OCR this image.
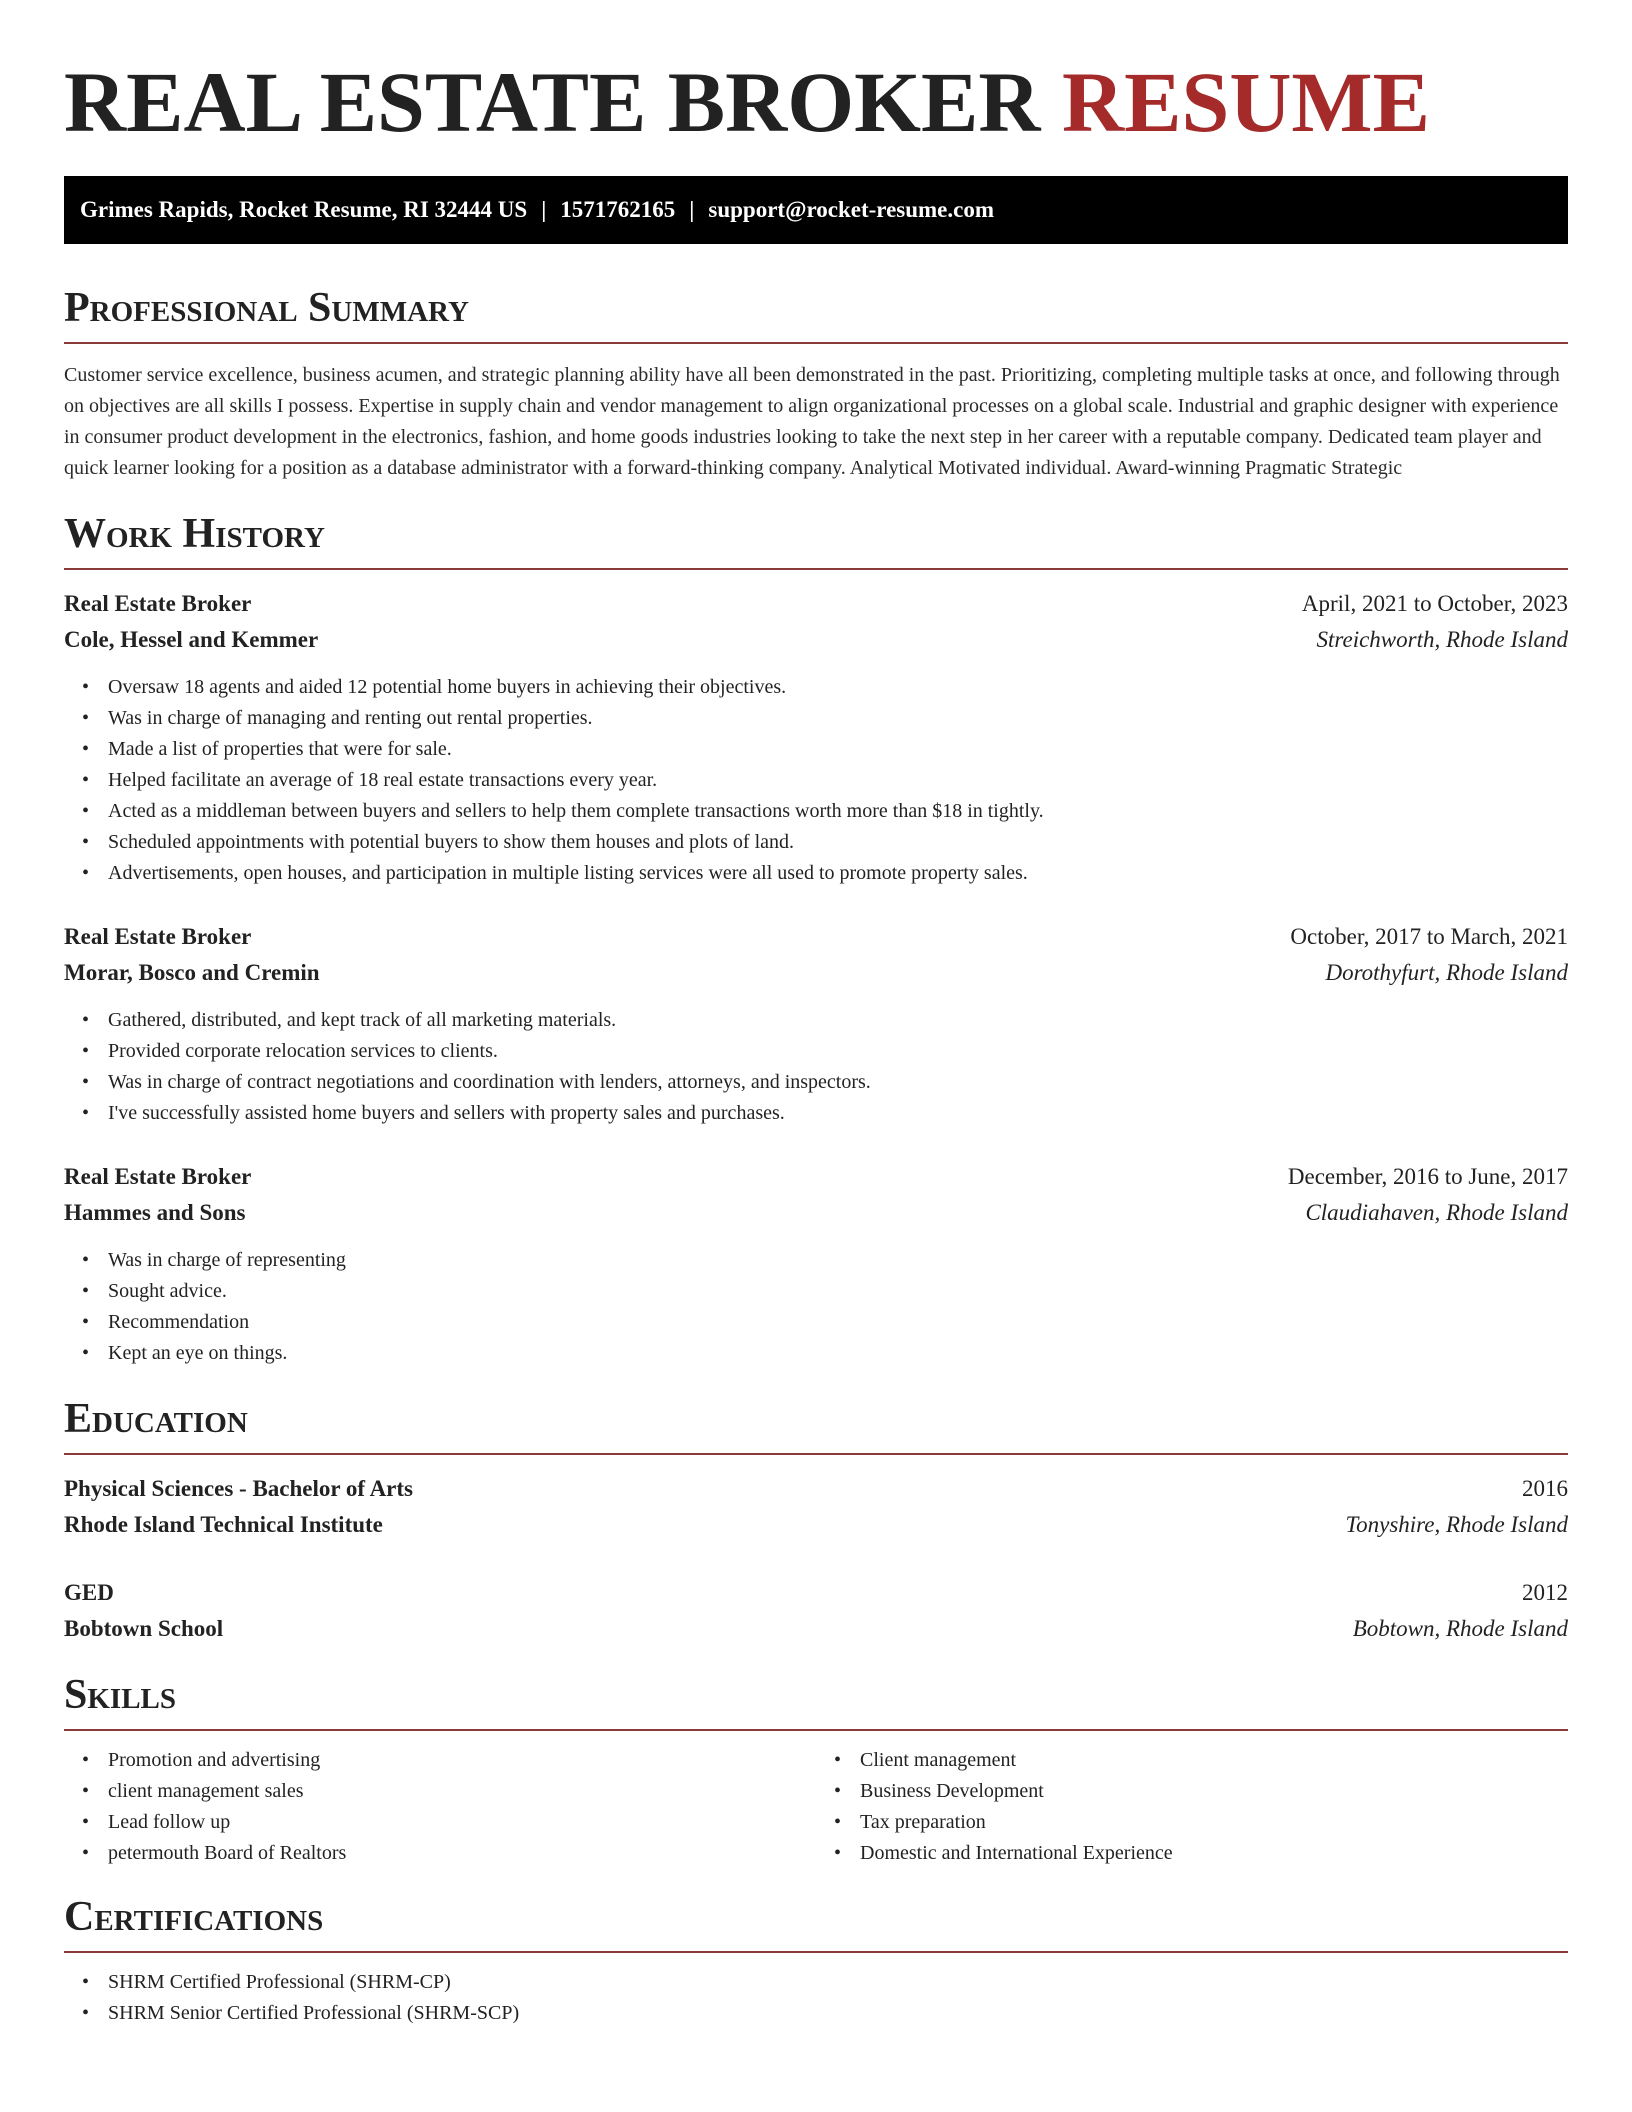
REAL ESTATE BROKER RESUME
Grimes Rapids, Rocket Resume, RI 32444 US | 1571762165 | support@rocket-resume.com
Professional Summary

Customer service excellence, business acumen, and strategic planning ability have all been demonstrated in the past. Prioritizing, completing multiple tasks at once, and following through on objectives are all skills I possess. Expertise in supply chain and vendor management to align organizational processes on a global scale. Industrial and graphic designer with experience in consumer product development in the electronics, fashion, and home goods industries looking to take the next step in her career with a reputable company. Dedicated team player and quick learner looking for a position as a database administrator with a forward-thinking company. Analytical Motivated individual. Award-winning Pragmatic Strategic

Work History
Real Estate Broker	April, 2021 to October, 2023
Cole, Hessel and Kemmer	Streichworth, Rhode Island
• Oversaw 18 agents and aided 12 potential home buyers in achieving their objectives.
• Was in charge of managing and renting out rental properties.
• Made a list of properties that were for sale.
• Helped facilitate an average of 18 real estate transactions every year.
• Acted as a middleman between buyers and sellers to help them complete transactions worth more than $18 in tightly.
• Scheduled appointments with potential buyers to show them houses and plots of land.
• Advertisements, open houses, and participation in multiple listing services were all used to promote property sales.
Real Estate Broker	October, 2017 to March, 2021
Morar, Bosco and Cremin	Dorothyfurt, Rhode Island
• Gathered, distributed, and kept track of all marketing materials.
• Provided corporate relocation services to clients.
• Was in charge of contract negotiations and coordination with lenders, attorneys, and inspectors.
• I've successfully assisted home buyers and sellers with property sales and purchases.
Real Estate Broker	December, 2016 to June, 2017
Hammes and Sons	Claudiahaven, Rhode Island
• Was in charge of representing
• Sought advice.
• Recommendation
• Kept an eye on things.
Education
Physical Sciences - Bachelor of Arts	2016
Rhode Island Technical Institute	Tonyshire, Rhode Island
GED	2012
Bobtown School	Bobtown, Rhode Island
Skills
• Promotion and advertising
• client management sales
• Lead follow up
• petermouth Board of Realtors
• Client management
• Business Development
• Tax preparation
• Domestic and International Experience
Certifications
• SHRM Certified Professional (SHRM-CP)
• SHRM Senior Certified Professional (SHRM-SCP)
